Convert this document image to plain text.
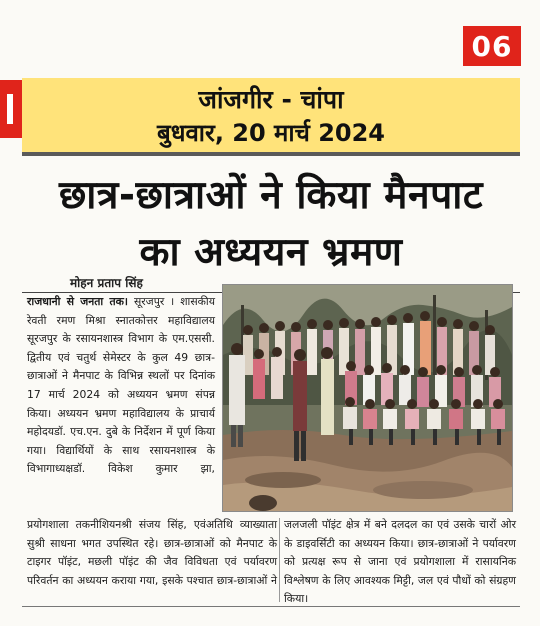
06
जांजगीर - चांपा
बुधवार, 20 मार्च 2024
छात्र-छात्राओं ने किया मैनपाट
का अध्ययन भ्रमण
मोहन प्रताप सिंह

राजधानी से जनता तक। सूरजपुर । शासकीय रेवती रमण मिश्रा स्नातकोत्तर महाविद्यालय सूरजपुर के रसायनशास्त्र विभाग के एम.एससी. द्वितीय एवं चतुर्थ सेमेस्टर के कुल 49 छात्र-छात्राओं ने मैनपाट के विभिन्न स्थलों पर दिनांक 17 मार्च 2024 को अध्ययन भ्रमण संपन्न किया। अध्ययन भ्रमण महाविद्यालय के प्राचार्य महोदयडॉ. एच.एन. दुबे के निर्देशन में पूर्ण किया गया। विद्यार्थियों के साथ रसायनशास्त्र के विभागाध्यक्षडॉ. विकेश कुमार झा,

प्रयोगशाला तकनीशियनश्री संजय सिंह, एवंअतिथि व्याख्याता सुश्री साधना भगत उपस्थित रहे। छात्र-छात्राओं को मैनपाट के टाइगर पॉइंट, मछली पॉइंट की जैव विविधता एवं पर्यावरण परिवर्तन का अध्ययन कराया गया, इसके पश्चात छात्र-छात्राओं ने
जलजली पॉइंट क्षेत्र में बने दलदल का एवं उसके चारों ओर के डाइवर्सिटी का अध्ययन किया। छात्र-छात्राओं ने पर्यावरण को प्रत्यक्ष रूप से जाना एवं प्रयोगशाला में रासायनिक विश्लेषण के लिए आवश्यक मिट्टी, जल एवं पौधों को संग्रहण किया।
